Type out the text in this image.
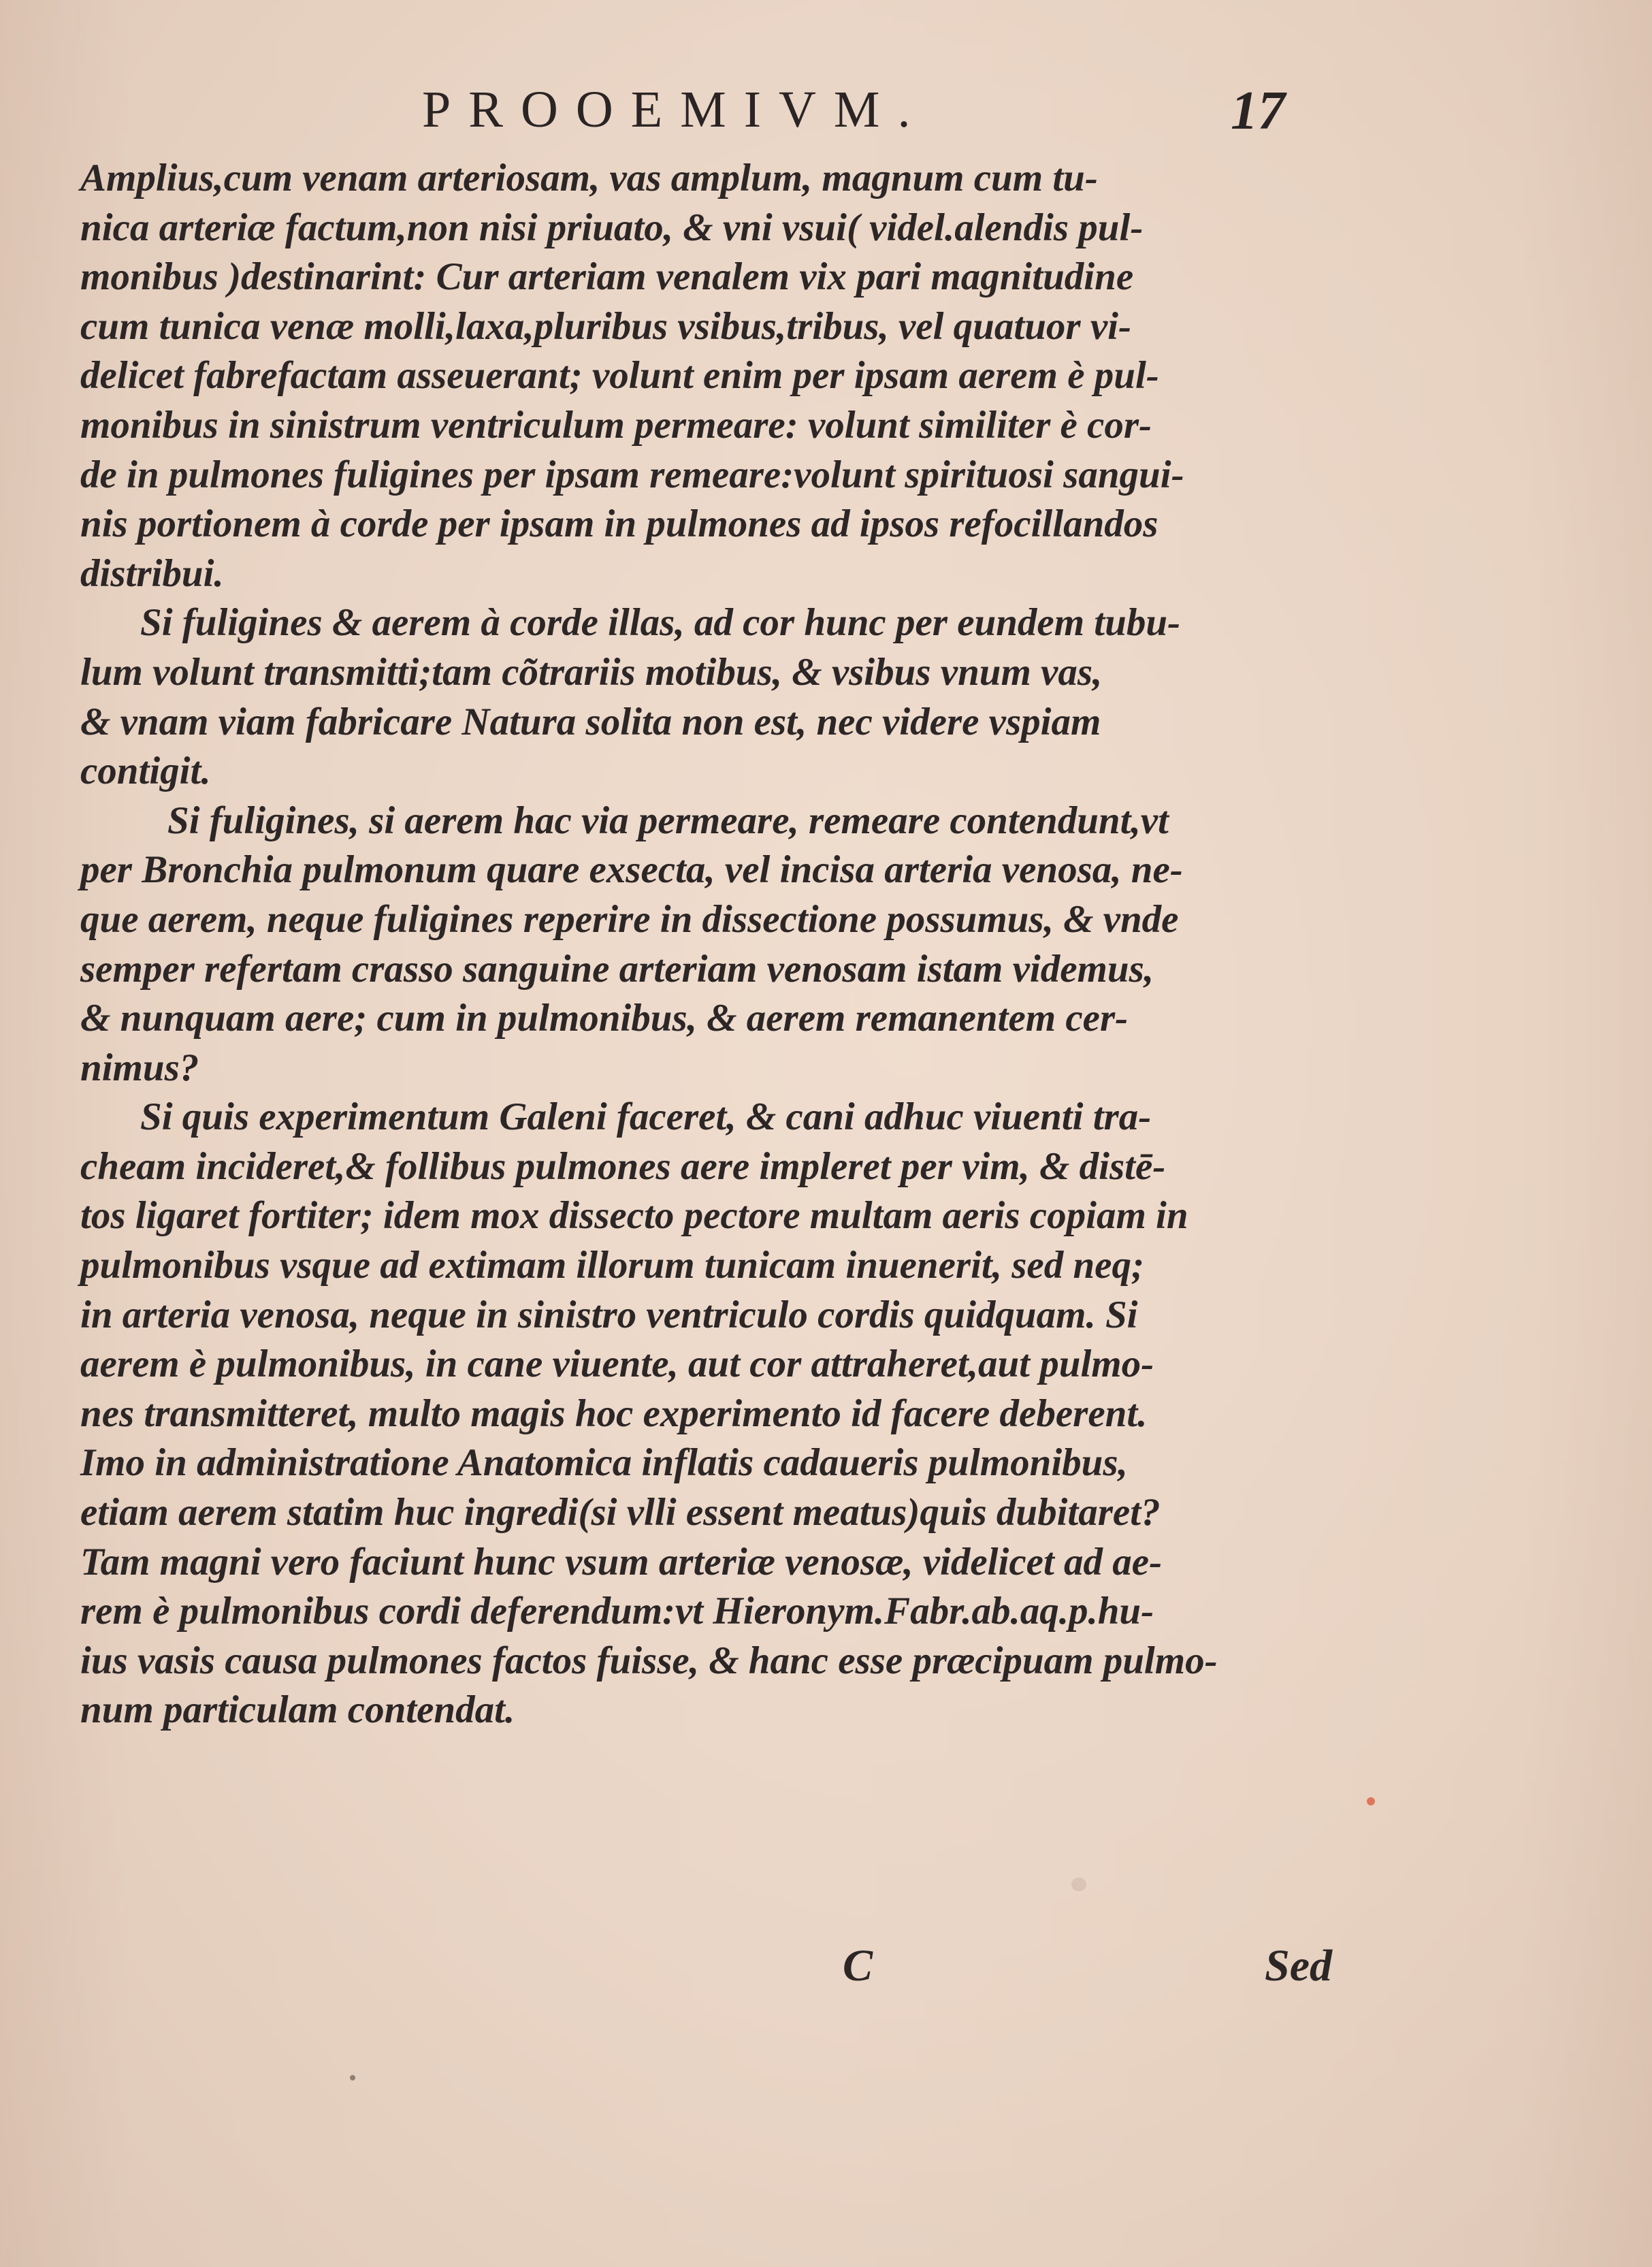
PROOEMIVM.	17
Amplius,cum venam arteriosam, vas amplum, magnum cum tu-
nica arteriæ factum,non nisi priuato, & vni vsui( videl.alendis pul-
monibus )destinarint: Cur arteriam venalem vix pari magnitudine
cum tunica venæ molli,laxa,pluribus vsibus,tribus, vel quatuor vi-
delicet fabrefactam asseuerant; volunt enim per ipsam aerem è pul-
monibus in sinistrum ventriculum permeare: volunt similiter è cor-
de in pulmones fuligines per ipsam remeare:volunt spirituosi sangui-
nis portionem à corde per ipsam in pulmones ad ipsos refocillandos
distribui.
Si fuligines & aerem à corde illas, ad cor hunc per eundem tubu-
lum volunt transmitti;tam cõtrariis motibus, & vsibus vnum vas,
& vnam viam fabricare Natura solita non est, nec videre vspiam
contigit.
Si fuligines, si aerem hac via permeare, remeare contendunt,vt
per Bronchia pulmonum quare exsecta, vel incisa arteria venosa, ne-
que aerem, neque fuligines reperire in dissectione possumus, & vnde
semper refertam crasso sanguine arteriam venosam istam videmus,
& nunquam aere; cum in pulmonibus, & aerem remanentem cer-
nimus?
Si quis experimentum Galeni faceret, & cani adhuc viuenti tra-
cheam incideret,& follibus pulmones aere impleret per vim, & distē-
tos ligaret fortiter; idem mox dissecto pectore multam aeris copiam in
pulmonibus vsque ad extimam illorum tunicam inuenerit, sed neq;
in arteria venosa, neque in sinistro ventriculo cordis quidquam. Si
aerem è pulmonibus, in cane viuente, aut cor attraheret,aut pulmo-
nes transmitteret, multo magis hoc experimento id facere deberent.
Imo in administratione Anatomica inflatis cadaueris pulmonibus,
etiam aerem statim huc ingredi(si vlli essent meatus)quis dubitaret?
Tam magni vero faciunt hunc vsum arteriæ venosæ, videlicet ad ae-
rem è pulmonibus cordi deferendum:vt Hieronym.Fabr.ab.aq.p.hu-
ius vasis causa pulmones factos fuisse, & hanc esse præcipuam pulmo-
num particulam contendat.
C	Sed
